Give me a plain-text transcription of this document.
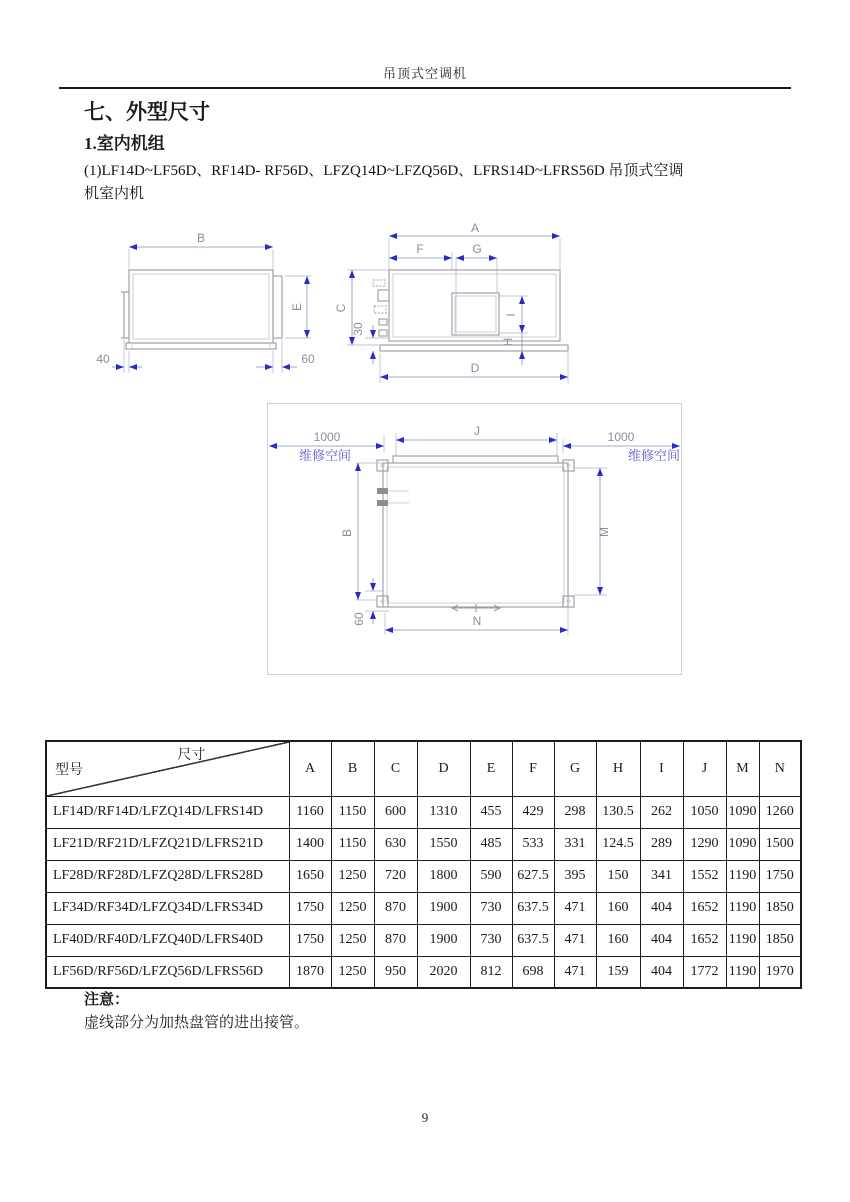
吊顶式空调机
七、外型尺寸
1.室内机组
(1)LF14D~LF56D、RF14D- RF56D、LFZQ14D~LFZQ56D、LFRS14D~LFRS56D 吊顶式空调
机室内机
B
E
40	60
A
F	G
C
30
I
H
D
1000
维修空间
1000
维修空间
J
B	M
60	N
尺寸
型号	A	B	C	D	E	F	G	H	I	J	M	N
LF14D/RF14D/LFZQ14D/LFRS14D	1160	1150	600	1310	455	429	298	130.5	262	1050	1090	1260
LF21D/RF21D/LFZQ21D/LFRS21D	1400	1150	630	1550	485	533	331	124.5	289	1290	1090	1500
LF28D/RF28D/LFZQ28D/LFRS28D	1650	1250	720	1800	590	627.5	395	150	341	1552	1190	1750
LF34D/RF34D/LFZQ34D/LFRS34D	1750	1250	870	1900	730	637.5	471	160	404	1652	1190	1850
LF40D/RF40D/LFZQ40D/LFRS40D	1750	1250	870	1900	730	637.5	471	160	404	1652	1190	1850
LF56D/RF56D/LFZQ56D/LFRS56D	1870	1250	950	2020	812	698	471	159	404	1772	1190	1970
注意：
虚线部分为加热盘管的进出接管。
9
